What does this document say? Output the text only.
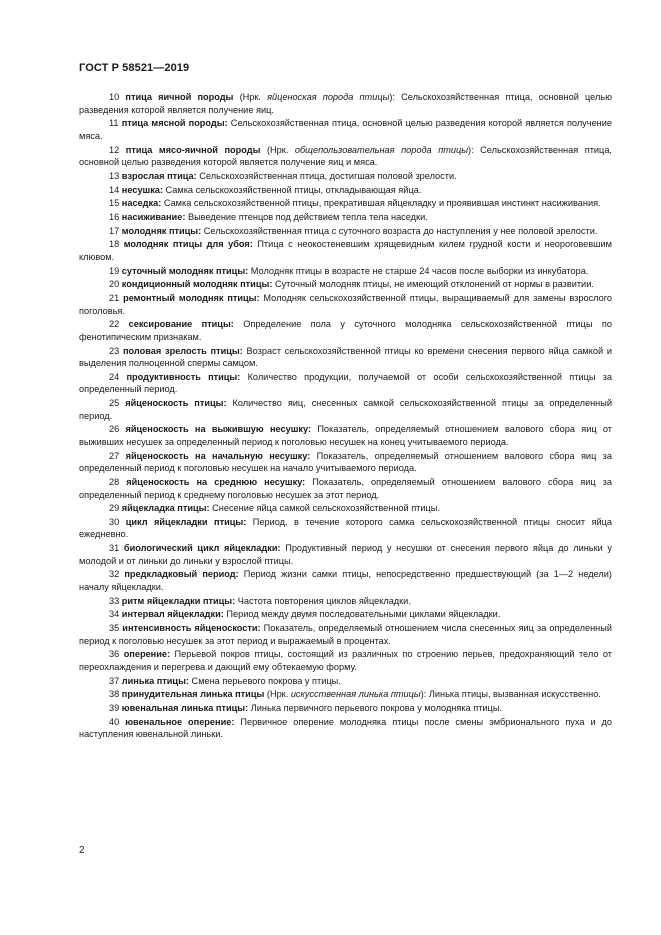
ГОСТ Р 58521—2019

10 птица яичной породы (Нрк. яйценоская порода птицы): Сельскохозяйственная птица, основной целью разведения которой является получение яиц.

11 птица мясной породы: Сельскохозяйственная птица, основной целью разведения которой является получение мяса.

12 птица мясо-яичной породы (Нрк. общепользовательная порода птицы): Сельскохозяйственная птица, основной целью разведения которой является получение яиц и мяса.

13 взрослая птица: Сельскохозяйственная птица, достигшая половой зрелости.

14 несушка: Самка сельскохозяйственной птицы, откладывающая яйца.

15 наседка: Самка сельскохозяйственной птицы, прекратившая яйцекладку и проявившая инстинкт насиживания.

16 насиживание: Выведение птенцов под действием тепла тела наседки.

17 молодняк птицы: Сельскохозяйственная птица с суточного возраста до наступления у нее половой зрелости.

18 молодняк птицы для убоя: Птица с неокостеневшим хрящевидным килем грудной кости и неороговевшим клювом.

19 суточный молодняк птицы: Молодняк птицы в возрасте не старше 24 часов после выборки из инкубатора.

20 кондиционный молодняк птицы: Суточный молодняк птицы, не имеющий отклонений от нормы в развитии.

21 ремонтный молодняк птицы: Молодняк сельскохозяйственной птицы, выращиваемый для замены взрослого поголовья.

22 сексирование птицы: Определение пола у суточного молодняка сельскохозяйственной птицы по фенотипическим признакам.

23 половая зрелость птицы: Возраст сельскохозяйственной птицы ко времени снесения первого яйца самкой и выделения полноценной спермы самцом.

24 продуктивность птицы: Количество продукции, получаемой от особи сельскохозяйственной птицы за определенный период.

25 яйценоскость птицы: Количество яиц, снесенных самкой сельскохозяйственной птицы за определенный период.

26 яйценоскость на выжившую несушку: Показатель, определяемый отношением валового сбора яиц от выживших несушек за определенный период к поголовью несушек на конец учитываемого периода.

27 яйценоскость на начальную несушку: Показатель, определяемый отношением валового сбора яиц за определенный период к поголовью несушек на начало учитываемого периода.

28 яйценоскость на среднюю несушку: Показатель, определяемый отношением валового сбора яиц за определенный период к среднему поголовью несушек за этот период.

29 яйцекладка птицы: Снесение яйца самкой сельскохозяйственной птицы.

30 цикл яйцекладки птицы: Период, в течение которого самка сельскохозяйственной птицы сносит яйца ежедневно.

31 биологический цикл яйцекладки: Продуктивный период у несушки от снесения первого яйца до линьки у молодой и от линьки до линьки у взрослой птицы.

32 предкладковый период: Период жизни самки птицы, непосредственно предшествующий (за 1—2 недели) началу яйцекладки.

33 ритм яйцекладки птицы: Частота повторения циклов яйцекладки.

34 интервал яйцекладки: Период между двумя последовательными циклами яйцекладки.

35 интенсивность яйценоскости: Показатель, определяемый отношением числа снесенных яиц за определенный период к поголовью несушек за этот период и выражаемый в процентах.

36 оперение: Перьевой покров птицы, состоящий из различных по строению перьев, предохраняющий тело от переохлаждения и перегрева и дающий ему обтекаемую форму.

37 линька птицы: Смена перьевого покрова у птицы.

38 принудительная линька птицы (Нрк. искусственная линька птицы): Линька птицы, вызванная искусственно.

39 ювенальная линька птицы: Линька первичного перьевого покрова у молодняка птицы.

40 ювенальное оперение: Первичное оперение молодняка птицы после смены эмбрионального пуха и до наступления ювенальной линьки.

2
